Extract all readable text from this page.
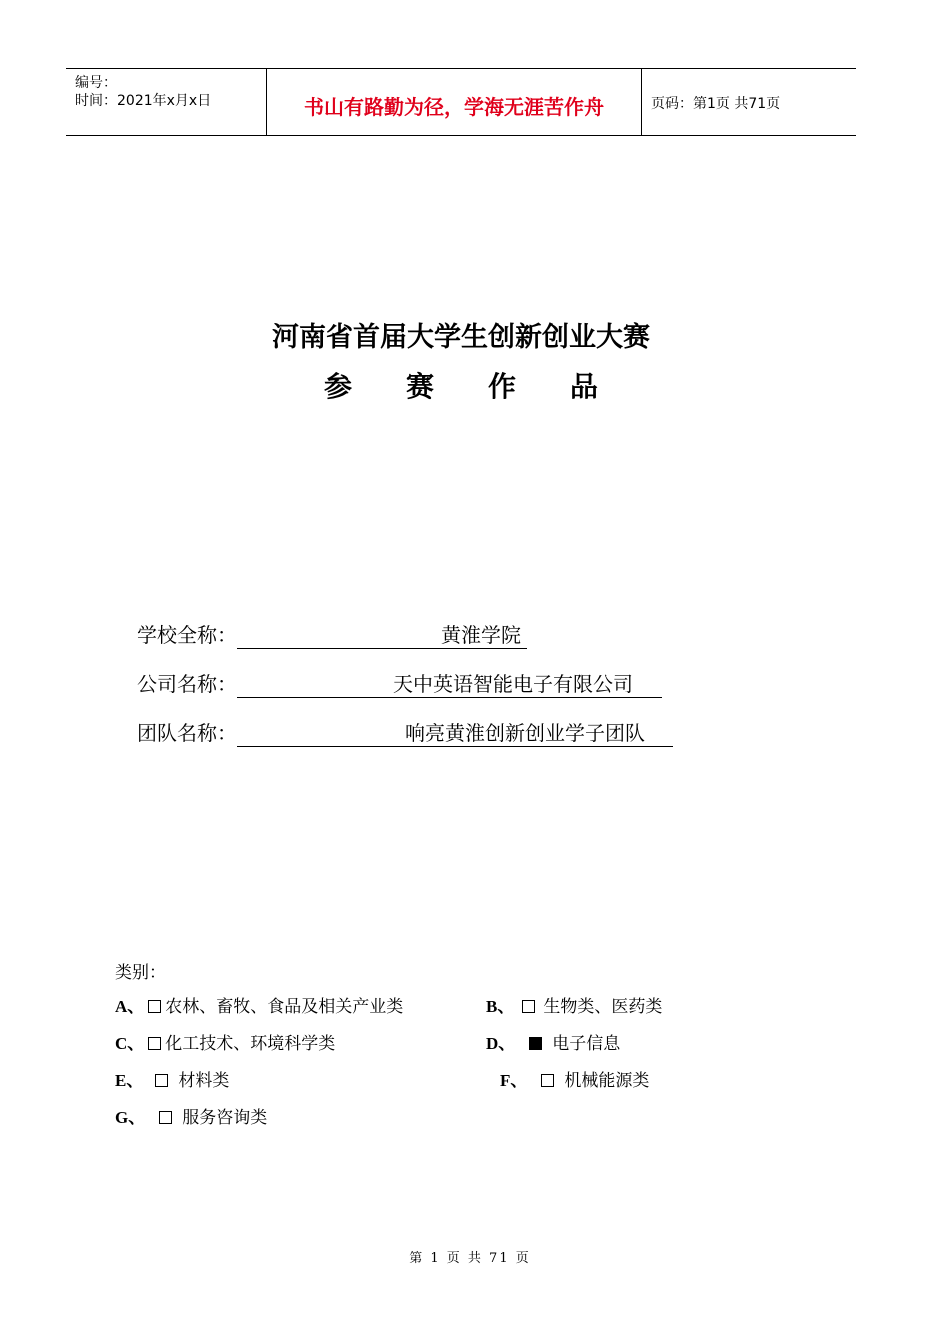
编号：
时间：2021年x月x日	书山有路勤为径，学海无涯苦作舟	页码：第1页 共71页
河南省首届大学生创新创业大赛
参赛作品
学校全称：	黄淮学院
公司名称：	天中英语智能电子有限公司
团队名称：	响亮黄淮创新创业学子团队
类别：
A、 农林、畜牧、食品及相关产业类	B、 生物类、医药类
C、 化工技术、环境科学类	D、 电子信息
E、 材料类	F、 机械能源类
G、 服务咨询类
第 1 页 共 71 页
